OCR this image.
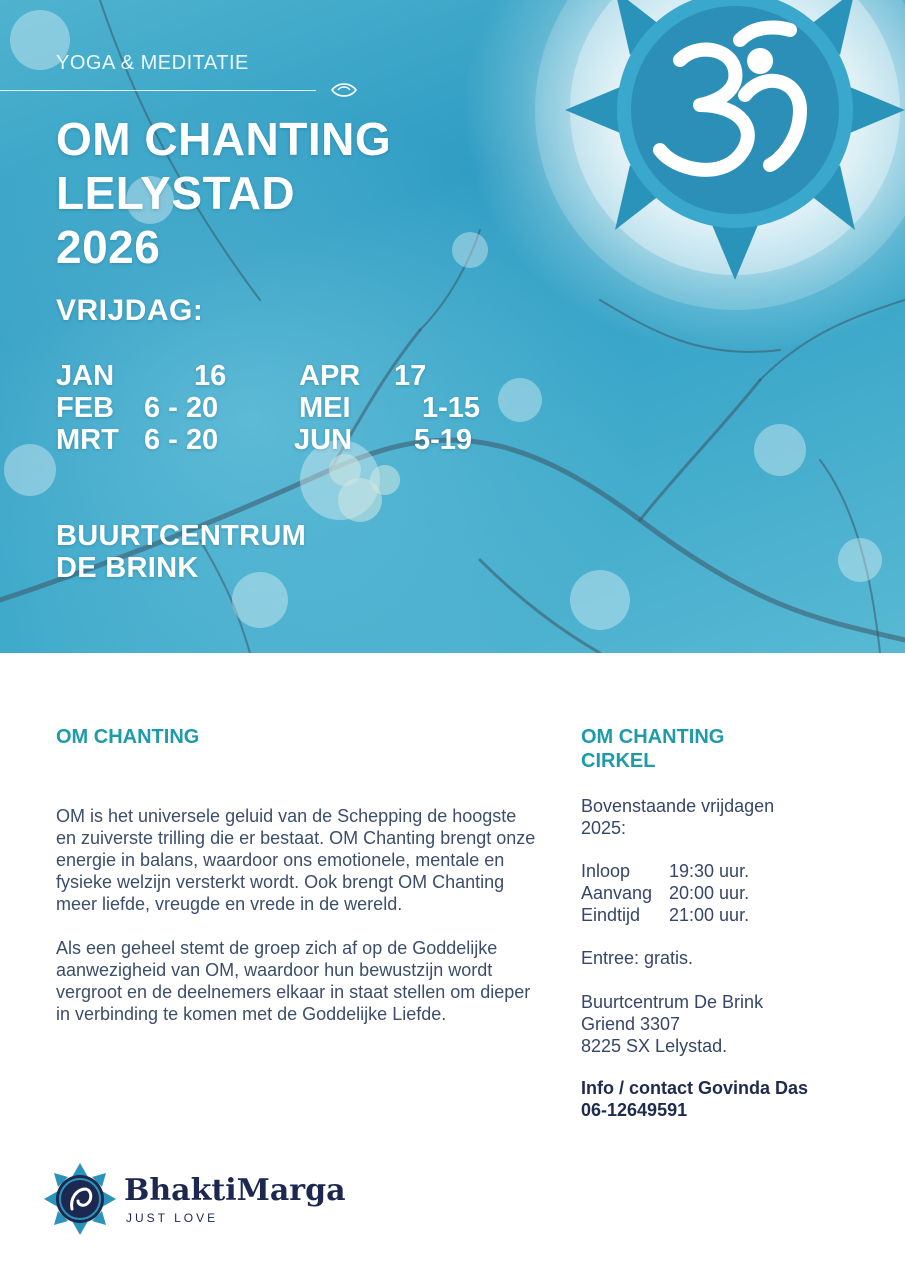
YOGA & MEDITATIE
OM CHANTING
LELYSTAD
2026
VRIJDAG:
JAN	16
FEB 6 - 20
MRT 6 - 20
APR 17
MEI 1-15
JUN 5-19
BUURTCENTRUM
DE BRINK
OM CHANTING

OM is het universele geluid van de Schepping de hoogste en zuiverste trilling die er bestaat. OM Chanting brengt onze energie in balans, waardoor ons emotionele, mentale en fysieke welzijn versterkt wordt. Ook brengt OM Chanting meer liefde, vreugde en vrede in de wereld.

Als een geheel stemt de groep zich af op de Goddelijke aanwezigheid van OM, waardoor hun bewustzijn wordt vergroot en de deelnemers elkaar in staat stellen om dieper in verbinding te komen met de Goddelijke Liefde.

OM CHANTING
CIRKEL
Bovenstaande vrijdagen
2025:
Inloop 19:30 uur.
Aanvang 20:00 uur.
Eindtijd 21:00 uur.
Entree: gratis.
Buurtcentrum De Brink
Griend 3307
8225 SX Lelystad.
Info / contact Govinda Das
06-12649591
BhaktiMarga
JUST LOVE
